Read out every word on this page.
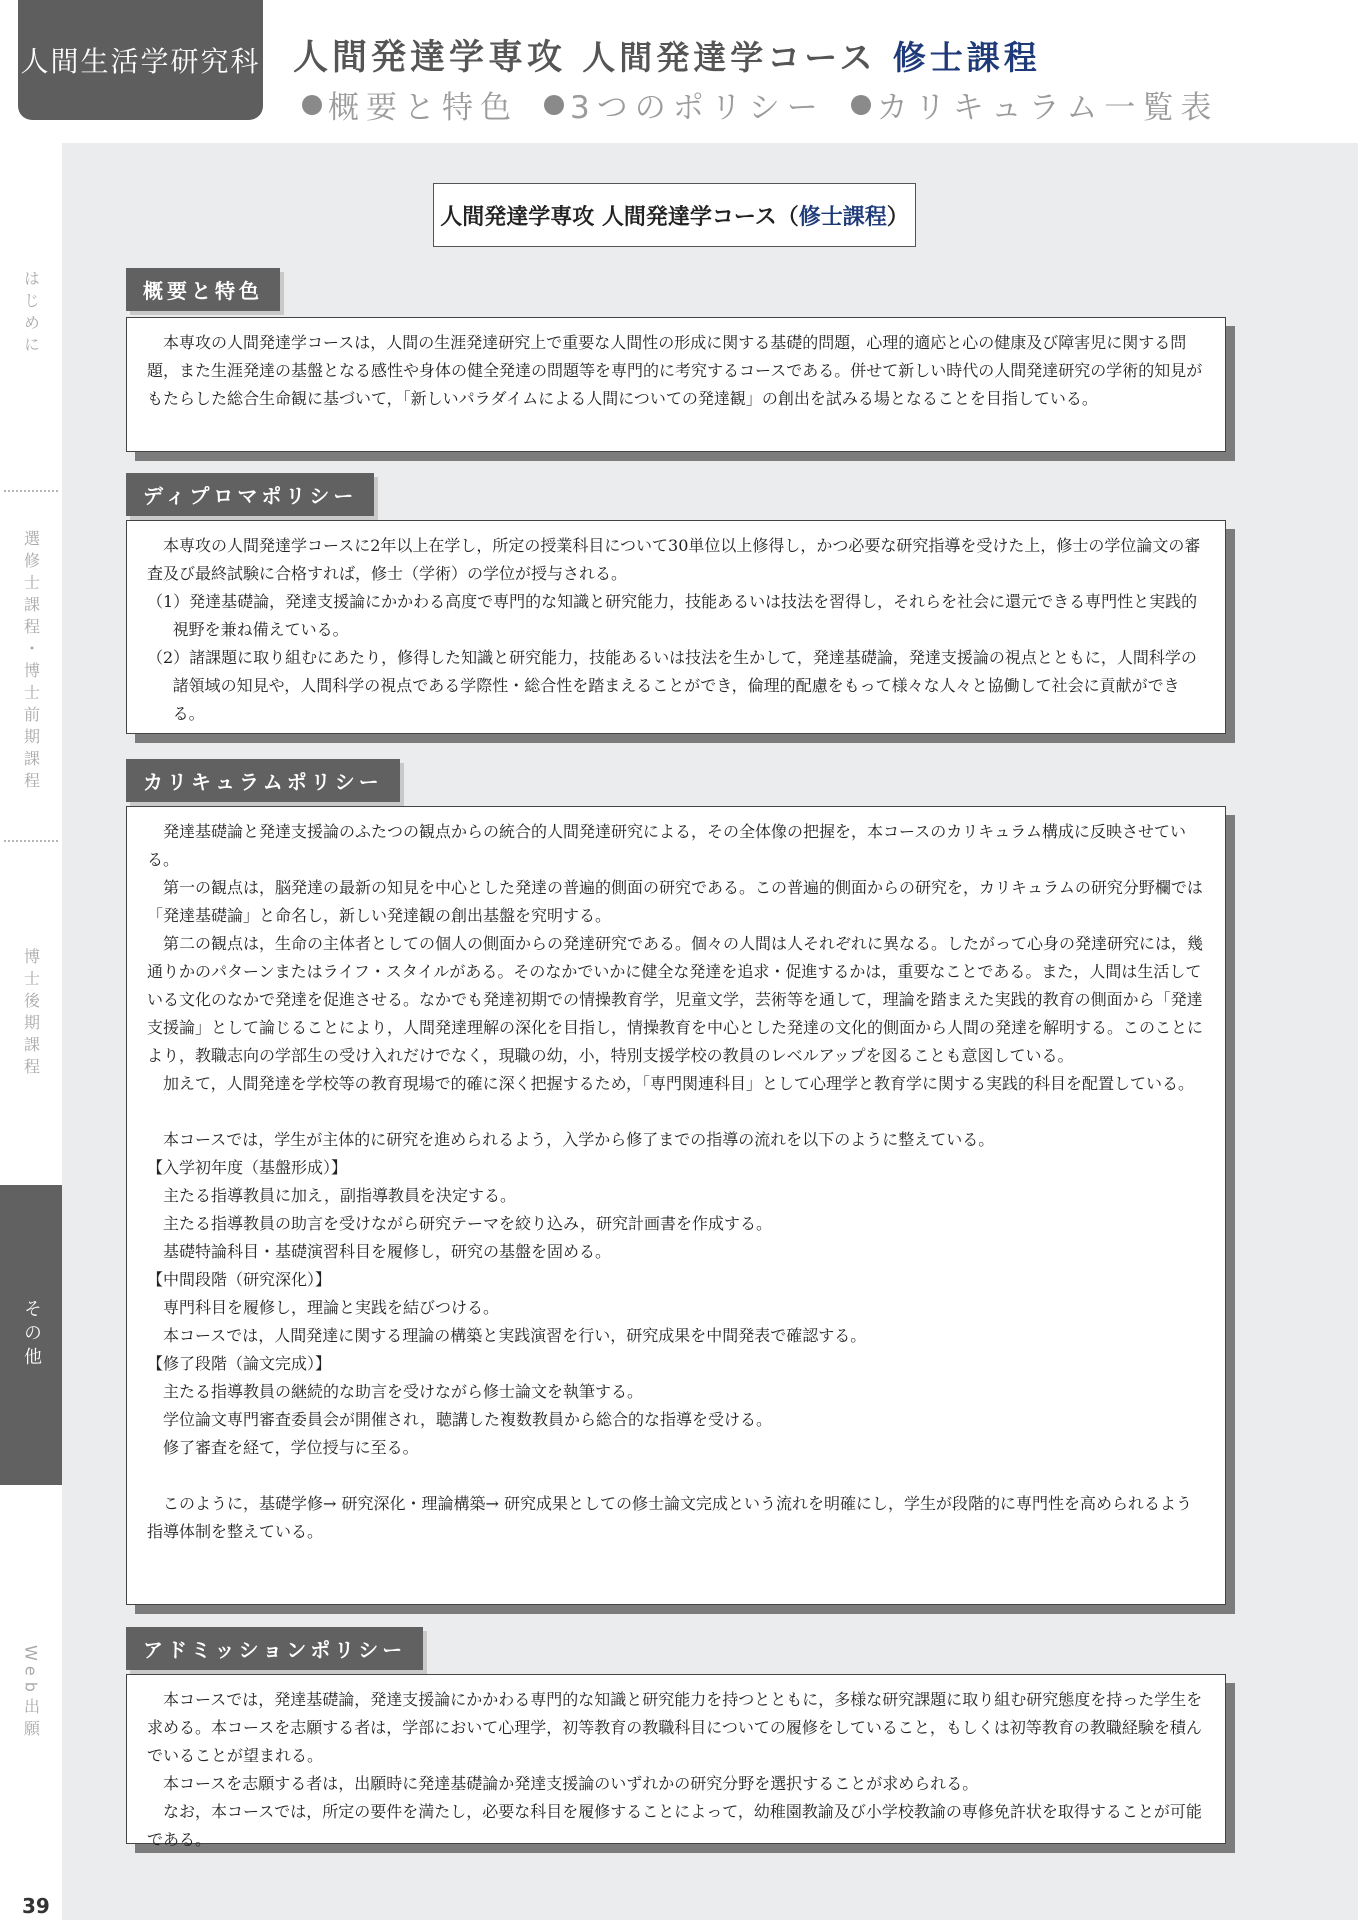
人間生活学研究科 人間発達学専攻 人間発達学コース 修士課程
概要と特色 3つのポリシー カリキュラム一覧表
はじめに
選修士課程・博士前期課程
博士後期課程
その他
Web出願
39
人間発達学専攻 人間発達学コース （ 修士課程 ）
概要と特色

本専攻の人間発達学コースは，人間の生涯発達研究上で重要な人間性の形成に関する基礎的問題，心理的適応と心の健康及び障害児に関する問題，また生涯発達の基盤となる感性や身体の健全発達の問題等を専門的に考究するコースである。併せて新しい時代の人間発達研究の学術的知見がもたらした総合生命観に基づいて，「新しいパラダイムによる人間についての発達観」の創出を試みる場となることを目指している。

ディプロマポリシー

本専攻の人間発達学コースに2年以上在学し，所定の授業科目について30単位以上修得し，かつ必要な研究指導を受けた上，修士の学位論文の審査及び最終試験に合格すれば，修士（学術）の学位が授与される。

（1）発達基礎論，発達支援論にかかわる高度で専門的な知識と研究能力，技能あるいは技法を習得し，それらを社会に還元できる専門性と実践的視野を兼ね備えている。

（2）諸課題に取り組むにあたり，修得した知識と研究能力，技能あるいは技法を生かして，発達基礎論，発達支援論の視点とともに，人間科学の諸領域の知見や，人間科学の視点である学際性・総合性を踏まえることができ，倫理的配慮をもって様々な人々と協働して社会に貢献ができる。

カリキュラムポリシー

発達基礎論と発達支援論のふたつの観点からの統合的人間発達研究による，その全体像の把握を，本コースのカリキュラム構成に反映させている。

第一の観点は，脳発達の最新の知見を中心とした発達の普遍的側面の研究である。この普遍的側面からの研究を，カリキュラムの研究分野欄では「発達基礎論」と命名し，新しい発達観の創出基盤を究明する。

第二の観点は，生命の主体者としての個人の側面からの発達研究である。個々の人間は人それぞれに異なる。したがって心身の発達研究には，幾通りかのパターンまたはライフ・スタイルがある。そのなかでいかに健全な発達を追求・促進するかは，重要なことである。また，人間は生活している文化のなかで発達を促進させる。なかでも発達初期での情操教育学，児童文学，芸術等を通して，理論を踏まえた実践的教育の側面から「発達支援論」として論じることにより，人間発達理解の深化を目指し，情操教育を中心とした発達の文化的側面から人間の発達を解明する。このことにより，教職志向の学部生の受け入れだけでなく，現職の幼，小，特別支援学校の教員のレベルアップを図ることも意図している。

加えて，人間発達を学校等の教育現場で的確に深く把握するため，「専門関連科目」として心理学と教育学に関する実践的科目を配置している。

本コースでは，学生が主体的に研究を進められるよう，入学から修了までの指導の流れを以下のように整えている。

【入学初年度（基盤形成）】

主たる指導教員に加え，副指導教員を決定する。

主たる指導教員の助言を受けながら研究テーマを絞り込み，研究計画書を作成する。

基礎特論科目・基礎演習科目を履修し，研究の基盤を固める。

【中間段階（研究深化）】

専門科目を履修し，理論と実践を結びつける。

本コースでは，人間発達に関する理論の構築と実践演習を行い，研究成果を中間発表で確認する。

【修了段階（論文完成）】

主たる指導教員の継続的な助言を受けながら修士論文を執筆する。

学位論文専門審査委員会が開催され，聴講した複数教員から総合的な指導を受ける。

修了審査を経て，学位授与に至る。

このように，基礎学修→ 研究深化・理論構築→ 研究成果としての修士論文完成という流れを明確にし，学生が段階的に専門性を高められるよう指導体制を整えている。

アドミッションポリシー

本コースでは，発達基礎論，発達支援論にかかわる専門的な知識と研究能力を持つとともに，多様な研究課題に取り組む研究態度を持った学生を求める。本コースを志願する者は，学部において心理学，初等教育の教職科目についての履修をしていること，もしくは初等教育の教職経験を積んでいることが望まれる。

本コースを志願する者は，出願時に発達基礎論か発達支援論のいずれかの研究分野を選択することが求められる。

なお，本コースでは，所定の要件を満たし，必要な科目を履修することによって，幼稚園教諭及び小学校教諭の専修免許状を取得することが可能である。
